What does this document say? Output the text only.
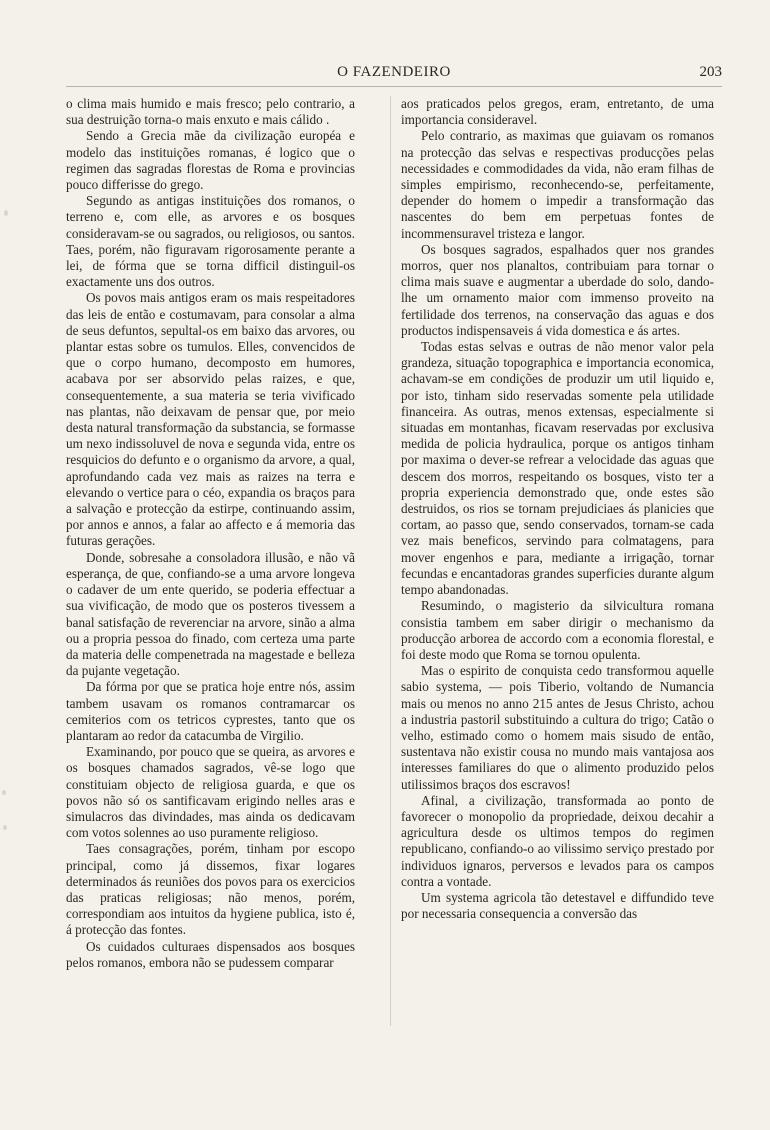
O FAZENDEIRO	203

o clima mais humido e mais fresco; pelo contrario, a sua destruição torna-o mais enxuto e mais cálido .

Sendo a Grecia mãe da civilização européa e modelo das instituições romanas, é logico que o regimen das sagradas florestas de Roma e provincias pouco differisse do grego.

Segundo as antigas instituições dos romanos, o terreno e, com elle, as arvores e os bosques consideravam-se ou sagrados, ou religiosos, ou santos. Taes, porém, não figuravam rigorosamente perante a lei, de fórma que se torna difficil distinguil-os exactamente uns dos outros.

Os povos mais antigos eram os mais respeitadores das leis de então e costumavam, para consolar a alma de seus defuntos, sepultal-os em baixo das arvores, ou plantar estas sobre os tumulos. Elles, convencidos de que o corpo humano, decomposto em humores, acabava por ser absorvido pelas raizes, e que, consequentemente, a sua materia se teria vivificado nas plantas, não deixavam de pensar que, por meio desta natural transformação da substancia, se formasse um nexo indissoluvel de nova e segunda vida, entre os resquicios do defunto e o organismo da arvore, a qual, aprofundando cada vez mais as raizes na terra e elevando o vertice para o céo, expandia os braços para a salvação e protecção da estirpe, continuando assim, por annos e annos, a falar ao affecto e á memoria das futuras gerações.

Donde, sobresahe a consoladora illusão, e não vã esperança, de que, confiando-se a uma arvore longeva o cadaver de um ente querido, se poderia effectuar a sua vivificação, de modo que os posteros tivessem a banal satisfação de reverenciar na arvore, sinão a alma ou a propria pessoa do finado, com certeza uma parte da materia delle compenetrada na magestade e belleza da pujante vegetação.

Da fórma por que se pratica hoje entre nós, assim tambem usavam os romanos contramarcar os cemiterios com os tetricos cyprestes, tanto que os plantaram ao redor da catacumba de Virgilio.

Examinando, por pouco que se queira, as arvores e os bosques chamados sagrados, vê-se logo que constituiam objecto de religiosa guarda, e que os povos não só os santificavam erigindo nelles aras e simulacros das divindades, mas ainda os dedicavam com votos solennes ao uso puramente religioso.

Taes consagrações, porém, tinham por escopo principal, como já dissemos, fixar logares determinados ás reuniões dos povos para os exercicios das praticas religiosas; não menos, porém, correspondiam aos intuitos da hygiene publica, isto é, á protecção das fontes.

Os cuidados culturaes dispensados aos bosques pelos romanos, embora não se pudessem comparar

aos praticados pelos gregos, eram, entretanto, de uma importancia consideravel.

Pelo contrario, as maximas que guiavam os romanos na protecção das selvas e respectivas producções pelas necessidades e commodidades da vida, não eram filhas de simples empirismo, reconhecendo-se, perfeitamente, depender do homem o impedir a transformação das nascentes do bem em perpetuas fontes de incommensuravel tristeza e langor.

Os bosques sagrados, espalhados quer nos grandes morros, quer nos planaltos, contribuiam para tornar o clima mais suave e augmentar a uberdade do solo, dando-lhe um ornamento maior com immenso proveito na fertilidade dos terrenos, na conservação das aguas e dos productos indispensaveis á vida domestica e ás artes.

Todas estas selvas e outras de não menor valor pela grandeza, situação topographica e importancia economica, achavam-se em condições de produzir um util liquido e, por isto, tinham sido reservadas somente pela utilidade financeira. As outras, menos extensas, especialmente si situadas em montanhas, ficavam reservadas por exclusiva medida de policia hydraulica, porque os antigos tinham por maxima o dever-se refrear a velocidade das aguas que descem dos morros, respeitando os bosques, visto ter a propria experiencia demonstrado que, onde estes são destruidos, os rios se tornam prejudiciaes ás planicies que cortam, ao passo que, sendo conservados, tornam-se cada vez mais beneficos, servindo para colmatagens, para mover engenhos e para, mediante a irrigação, tornar fecundas e encantadoras grandes superficies durante algum tempo abandonadas.

Resumindo, o magisterio da silvicultura romana consistia tambem em saber dirigir o mechanismo da producção arborea de accordo com a economia florestal, e foi deste modo que Roma se tornou opulenta.

Mas o espirito de conquista cedo transformou aquelle sabio systema, — pois Tiberio, voltando de Numancia mais ou menos no anno 215 antes de Jesus Christo, achou a industria pastoril substituindo a cultura do trigo; Catão o velho, estimado como o homem mais sisudo de então, sustentava não existir cousa no mundo mais vantajosa aos interesses familiares do que o alimento produzido pelos utilissimos braços dos escravos!

Afinal, a civilização, transformada ao ponto de favorecer o monopolio da propriedade, deixou decahir a agricultura desde os ultimos tempos do regimen republicano, confiando-o ao vilissimo serviço prestado por individuos ignaros, perversos e levados para os campos contra a vontade.

Um systema agricola tão detestavel e diffundido teve por necessaria consequencia a conversão das
